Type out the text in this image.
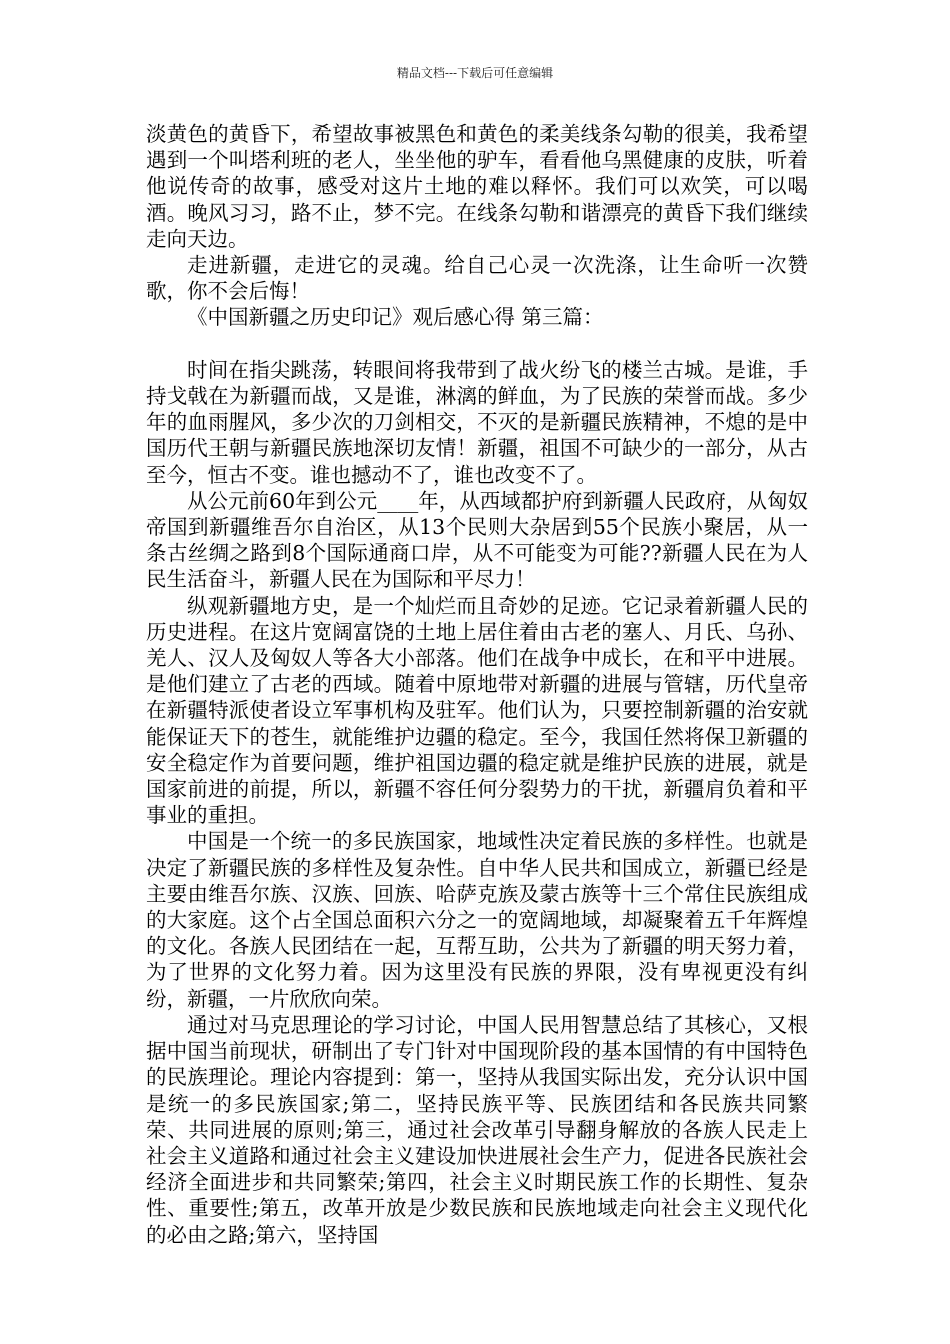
精品文档---下载后可任意编辑

淡黄色的黄昏下，希望故事被黑色和黄色的柔美线条勾勒的很美，我希望遇到一个叫塔利班的老人，坐坐他的驴车，看看他乌黑健康的皮肤，听着他说传奇的故事，感受对这片土地的难以释怀。我们可以欢笑，可以喝酒。晚风习习，路不止，梦不完。在线条勾勒和谐漂亮的黄昏下我们继续走向天边。

走进新疆，走进它的灵魂。给自己心灵一次洗涤，让生命听一次赞歌，你不会后悔！

《中国新疆之历史印记》观后感心得 第三篇：

时间在指尖跳荡，转眼间将我带到了战火纷飞的楼兰古城。是谁，手持戈戟在为新疆而战，又是谁，淋漓的鲜血，为了民族的荣誉而战。多少年的血雨腥风，多少次的刀剑相交，不灭的是新疆民族精神，不熄的是中国历代王朝与新疆民族地深切友情！新疆，祖国不可缺少的一部分，从古至今，恒古不变。谁也撼动不了，谁也改变不了。

从公元前60年到公元____年，从西域都护府到新疆人民政府，从匈奴帝国到新疆维吾尔自治区，从13个民则大杂居到55个民族小聚居，从一条古丝绸之路到8个国际通商口岸，从不可能变为可能??新疆人民在为人民生活奋斗，新疆人民在为国际和平尽力！

纵观新疆地方史，是一个灿烂而且奇妙的足迹。它记录着新疆人民的历史进程。在这片宽阔富饶的土地上居住着由古老的塞人、月氏、乌孙、羌人、汉人及匈奴人等各大小部落。他们在战争中成长，在和平中进展。是他们建立了古老的西域。随着中原地带对新疆的进展与管辖，历代皇帝在新疆特派使者设立军事机构及驻军。他们认为，只要控制新疆的治安就能保证天下的苍生，就能维护边疆的稳定。至今，我国任然将保卫新疆的安全稳定作为首要问题，维护祖国边疆的稳定就是维护民族的进展，就是国家前进的前提，所以，新疆不容任何分裂势力的干扰，新疆肩负着和平事业的重担。

中国是一个统一的多民族国家，地域性决定着民族的多样性。也就是决定了新疆民族的多样性及复杂性。自中华人民共和国成立，新疆已经是主要由维吾尔族、汉族、回族、哈萨克族及蒙古族等十三个常住民族组成的大家庭。这个占全国总面积六分之一的宽阔地域，却凝聚着五千年辉煌的文化。各族人民团结在一起，互帮互助，公共为了新疆的明天努力着，为了世界的文化努力着。因为这里没有民族的界限，没有卑视更没有纠纷，新疆，一片欣欣向荣。

通过对马克思理论的学习讨论，中国人民用智慧总结了其核心，又根据中国当前现状，研制出了专门针对中国现阶段的基本国情的有中国特色的民族理论。理论内容提到：第一，坚持从我国实际出发，充分认识中国是统一的多民族国家;第二，坚持民族平等、民族团结和各民族共同繁荣、共同进展的原则;第三，通过社会改革引导翻身解放的各族人民走上社会主义道路和通过社会主义建设加快进展社会生产力，促进各民族社会经济全面进步和共同繁荣;第四，社会主义时期民族工作的长期性、复杂性、重要性;第五，改革开放是少数民族和民族地域走向社会主义现代化的必由之路;第六，坚持国
